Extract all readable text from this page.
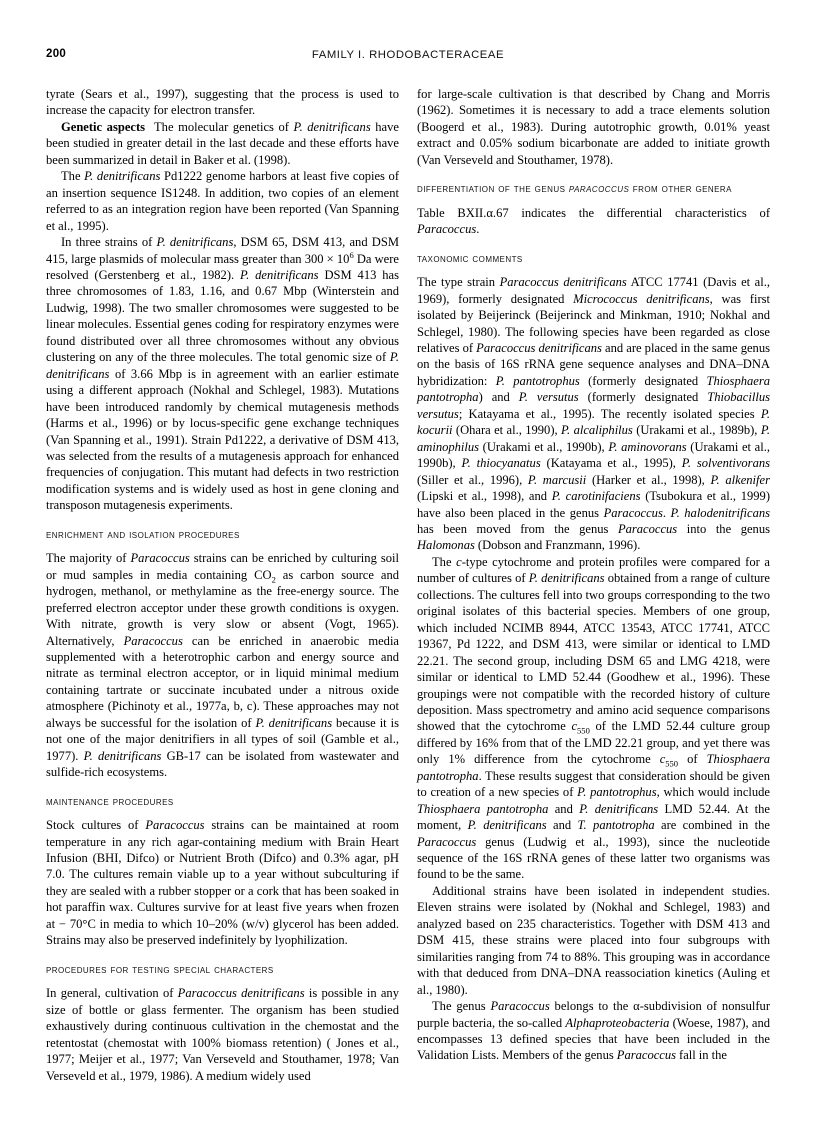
200	FAMILY I. RHODOBACTERACEAE

tyrate (Sears et al., 1997), suggesting that the process is used to increase the capacity for electron transfer.

Genetic aspects The molecular genetics of P. denitrificans have been studied in greater detail in the last decade and these efforts have been summarized in detail in Baker et al. (1998).

The P. denitrificans Pd1222 genome harbors at least five copies of an insertion sequence IS1248. In addition, two copies of an element referred to as an integration region have been reported (Van Spanning et al., 1995).

In three strains of P. denitrificans, DSM 65, DSM 413, and DSM 415, large plasmids of molecular mass greater than $300 \times 10^6$ Da were resolved (Gerstenberg et al., 1982). P. denitrificans DSM 413 has three chromosomes of 1.83, 1.16, and 0.67 Mbp (Winterstein and Ludwig, 1998). The two smaller chromosomes were suggested to be linear molecules. Essential genes coding for respiratory enzymes were found distributed over all three chromosomes without any obvious clustering on any of the three molecules. The total genomic size of P. denitrificans of 3.66 Mbp is in agreement with an earlier estimate using a different approach (Nokhal and Schlegel, 1983). Mutations have been introduced randomly by chemical mutagenesis methods (Harms et al., 1996) or by locus-specific gene exchange techniques (Van Spanning et al., 1991). Strain Pd1222, a derivative of DSM 413, was selected from the results of a mutagenesis approach for enhanced frequencies of conjugation. This mutant had defects in two restriction modification systems and is widely used as host in gene cloning and transposon mutagenesis experiments.

enrichment and isolation procedures

The majority of Paracoccus strains can be enriched by culturing soil or mud samples in media containing $CO_2$ as carbon source and hydrogen, methanol, or methylamine as the free-energy source. The preferred electron acceptor under these growth conditions is oxygen. With nitrate, growth is very slow or absent (Vogt, 1965). Alternatively, Paracoccus can be enriched in anaerobic media supplemented with a heterotrophic carbon and energy source and nitrate as terminal electron acceptor, or in liquid minimal medium containing tartrate or succinate incubated under a nitrous oxide atmosphere (Pichinoty et al., 1977a, b, c). These approaches may not always be successful for the isolation of P. denitrificans because it is not one of the major denitrifiers in all types of soil (Gamble et al., 1977). P. denitrificans GB-17 can be isolated from wastewater and sulfide-rich ecosystems.

maintenance procedures

Stock cultures of Paracoccus strains can be maintained at room temperature in any rich agar-containing medium with Brain Heart Infusion (BHI, Difco) or Nutrient Broth (Difco) and 0.3% agar, pH 7.0. The cultures remain viable up to a year without subculturing if they are sealed with a rubber stopper or a cork that has been soaked in hot paraffin wax. Cultures survive for at least five years when frozen at − 70°C in media to which 10–20% (w/v) glycerol has been added. Strains may also be preserved indefinitely by lyophilization.

procedures for testing special characters

In general, cultivation of Paracoccus denitrificans is possible in any size of bottle or glass fermenter. The organism has been studied exhaustively during continuous cultivation in the chemostat and the retentostat (chemostat with 100% biomass retention) ( Jones et al., 1977; Meijer et al., 1977; Van Verseveld and Stouthamer, 1978; Van Verseveld et al., 1979, 1986). A medium widely used

for large-scale cultivation is that described by Chang and Morris (1962). Sometimes it is necessary to add a trace elements solution (Boogerd et al., 1983). During autotrophic growth, 0.01% yeast extract and 0.05% sodium bicarbonate are added to initiate growth (Van Verseveld and Stouthamer, 1978).

differentiation of the genus paracoccus from other genera

Table BXII.α.67 indicates the differential characteristics of Paracoccus.

taxonomic comments

The type strain Paracoccus denitrificans ATCC 17741 (Davis et al., 1969), formerly designated Micrococcus denitrificans, was first isolated by Beijerinck (Beijerinck and Minkman, 1910; Nokhal and Schlegel, 1980). The following species have been regarded as close relatives of Paracoccus denitrificans and are placed in the same genus on the basis of 16S rRNA gene sequence analyses and DNA–DNA hybridization: P. pantotrophus (formerly designated Thiosphaera pantotropha) and P. versutus (formerly designated Thiobacillus versutus; Katayama et al., 1995). The recently isolated species P. kocurii (Ohara et al., 1990), P. alcaliphilus (Urakami et al., 1989b), P. aminophilus (Urakami et al., 1990b), P. aminovorans (Urakami et al., 1990b), P. thiocyanatus (Katayama et al., 1995), P. solventivorans (Siller et al., 1996), P. marcusii (Harker et al., 1998), P. alkenifer (Lipski et al., 1998), and P. carotinifaciens (Tsubokura et al., 1999) have also been placed in the genus Paracoccus. P. halodenitrificans has been moved from the genus Paracoccus into the genus Halomonas (Dobson and Franzmann, 1996).

The c-type cytochrome and protein profiles were compared for a number of cultures of P. denitrificans obtained from a range of culture collections. The cultures fell into two groups corresponding to the two original isolates of this bacterial species. Members of one group, which included NCIMB 8944, ATCC 13543, ATCC 17741, ATCC 19367, Pd 1222, and DSM 413, were similar or identical to LMD 22.21. The second group, including DSM 65 and LMG 4218, were similar or identical to LMD 52.44 (Goodhew et al., 1996). These groupings were not compatible with the recorded history of culture deposition. Mass spectrometry and amino acid sequence comparisons showed that the cytochrome $c_{550}$ of the LMD 52.44 culture group differed by 16% from that of the LMD 22.21 group, and yet there was only 1% difference from the cytochrome $c_{550}$ of Thiosphaera pantotropha. These results suggest that consideration should be given to creation of a new species of P. pantotrophus, which would include Thiosphaera pantotropha and P. denitrificans LMD 52.44. At the moment, P. denitrificans and T. pantotropha are combined in the Paracoccus genus (Ludwig et al., 1993), since the nucleotide sequence of the 16S rRNA genes of these latter two organisms was found to be the same.

Additional strains have been isolated in independent studies. Eleven strains were isolated by (Nokhal and Schlegel, 1983) and analyzed based on 235 characteristics. Together with DSM 413 and DSM 415, these strains were placed into four subgroups with similarities ranging from 74 to 88%. This grouping was in accordance with that deduced from DNA–DNA reassociation kinetics (Auling et al., 1980).

The genus Paracoccus belongs to the α-subdivision of nonsulfur purple bacteria, the so-called Alphaproteobacteria (Woese, 1987), and encompasses 13 defined species that have been included in the Validation Lists. Members of the genus Paracoccus fall in the
